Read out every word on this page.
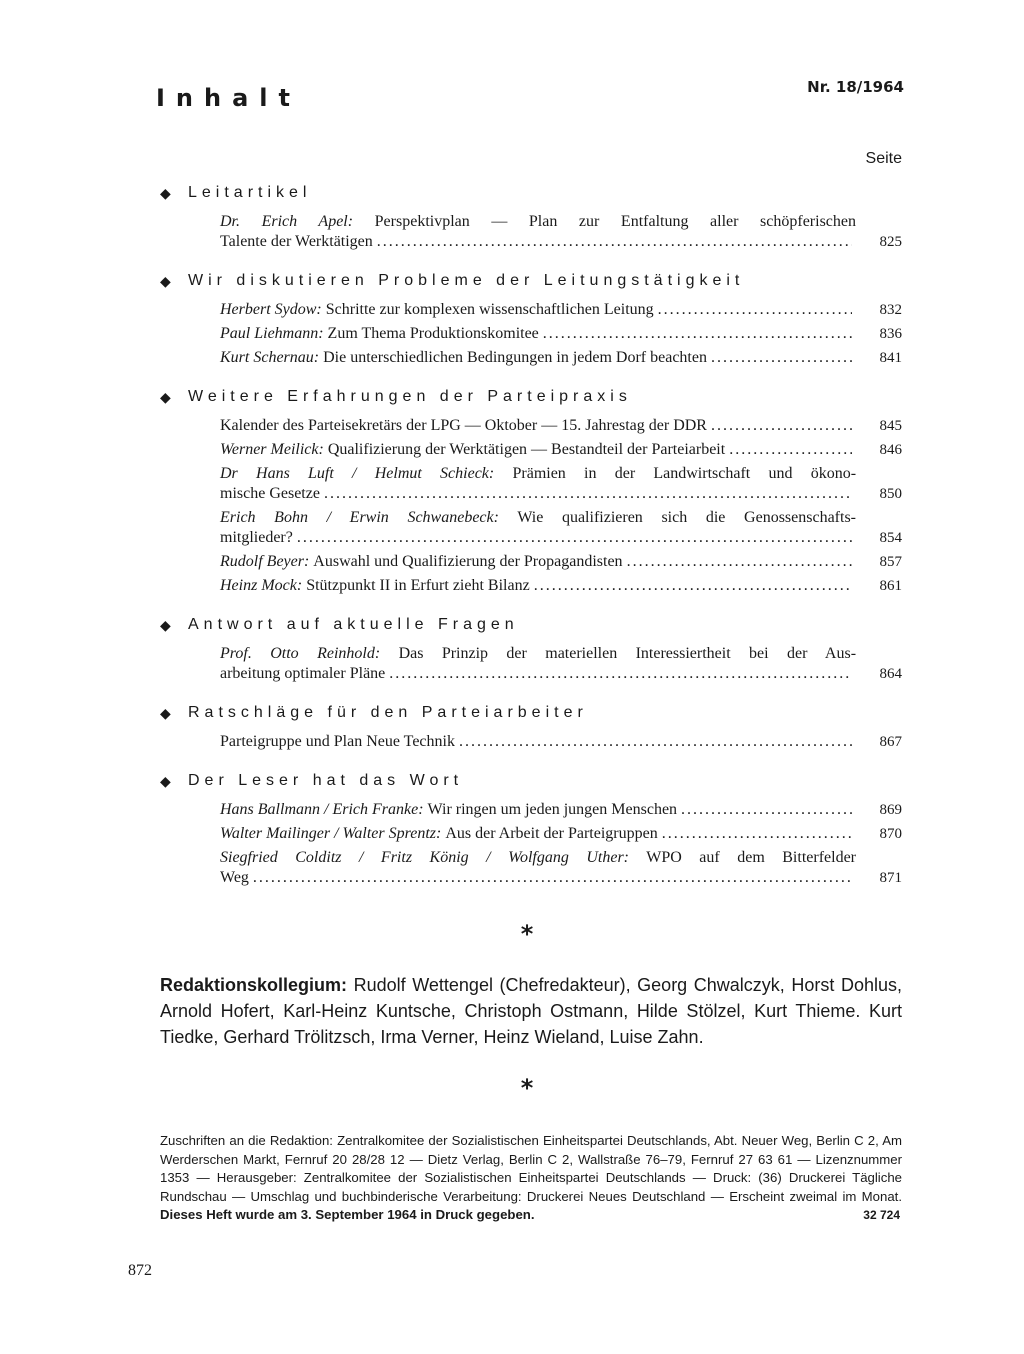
Inhalt	Nr. 18/1964
Seite
◆ Leitartikel
Dr. Erich Apel: Perspektivplan — Plan zur Entfaltung aller schöpferischen
Talente der Werktätigen . . .	825
◆ Wir diskutieren Probleme der Leitungstätigkeit
Herbert Sydow:
Schritte zur komplexen wissenschaftlichen Leitung . . .	832
Paul Liehmann:
Zum Thema Produktionskomitee . . .	836
Kurt Schernau:
Die unterschiedlichen Bedingungen in jedem Dorf beachten . . .	841
◆ Weitere Erfahrungen der Parteipraxis
Kalender des Parteisekretärs der LPG — Oktober — 15. Jahrestag der DDR . . .	845
Werner Meilick:
Qualifizierung der Werktätigen — Bestandteil der Parteiarbeit . . .	846
Dr Hans Luft / Helmut Schieck: Prämien in der Landwirtschaft und ökono-
mische Gesetze . . .	850
Erich Bohn / Erwin Schwanebeck: Wie qualifizieren sich die Genossenschafts-
mitglieder? . . .	854
Rudolf Beyer:
Auswahl und Qualifizierung der Propagandisten . . .	857
Heinz Mock:
Stützpunkt II in Erfurt zieht Bilanz . . .	861
◆ Antwort auf aktuelle Fragen
Prof. Otto Reinhold: Das Prinzip der materiellen Interessiertheit bei der Aus-
arbeitung optimaler Pläne . . .	864
◆ Ratschläge für den Parteiarbeiter
Parteigruppe und Plan Neue Technik . . .	867
◆ Der Leser hat das Wort
Hans Ballmann / Erich Franke:
Wir ringen um jeden jungen Menschen . . .	869
Walter Mailinger / Walter Sprentz:
Aus der Arbeit der Parteigruppen . . .	870
Siegfried Colditz / Fritz König / Wolfgang Uther: WPO auf dem Bitterfelder
Weg . . .	871
*
Redaktionskollegium: Rudolf Wettengel (Chefredakteur), Georg Chwalczyk, Horst Dohlus, Arnold Hofert, Karl-Heinz Kuntsche, Christoph Ostmann, Hilde Stölzel, Kurt Thieme. Kurt Tiedke, Gerhard Trölitzsch, Irma Verner, Heinz Wieland, Luise Zahn.
*
Zuschriften an die Redaktion: Zentralkomitee der Sozialistischen Einheitspartei Deutschlands, Abt. Neuer Weg, Berlin C 2, Am Werderschen Markt, Fernruf 20 28/28 12 — Dietz Verlag, Berlin C 2, Wallstraße 76–79, Fernruf 27 63 61 — Lizenznummer 1353 — Herausgeber: Zentralkomitee der Sozialistischen Einheitspartei Deutschlands — Druck: (36) Druckerei Tägliche Rundschau — Umschlag und buchbinderische Verarbeitung: Druckerei Neues Deutschland — Erscheint zweimal im Monat. Dieses Heft wurde am 3. September 1964 in Druck gegeben.	32 724
872
